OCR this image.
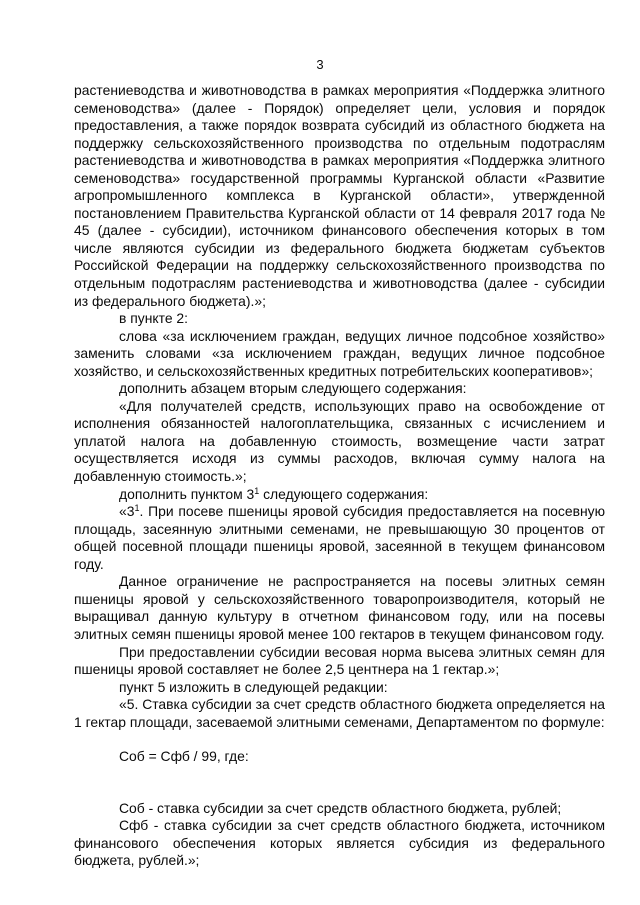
3

растениеводства и животноводства в рамках мероприятия «Поддержка элитного семеноводства» (далее - Порядок) определяет цели, условия и порядок предоставления, а также порядок возврата субсидий из областного бюджета на поддержку сельскохозяйственного производства по отдельным подотраслям растениеводства и животноводства в рамках мероприятия «Поддержка элитного семеноводства» государственной программы Курганской области «Развитие агропромышленного комплекса в Курганской области», утвержденной постановлением Правительства Курганской области от 14 февраля 2017 года № 45 (далее - субсидии), источником финансового обеспечения которых в том числе являются субсидии из федерального бюджета бюджетам субъектов Российской Федерации на поддержку сельскохозяйственного производства по отдельным подотраслям растениеводства и животноводства (далее - субсидии из федерального бюджета).»;

в пункте 2:

слова «за исключением граждан, ведущих личное подсобное хозяйство» заменить словами «за исключением граждан, ведущих личное подсобное хозяйство, и сельскохозяйственных кредитных потребительских кооперативов»;

дополнить абзацем вторым следующего содержания:

«Для получателей средств, использующих право на освобождение от исполнения обязанностей налогоплательщика, связанных с исчислением и уплатой налога на добавленную стоимость, возмещение части затрат осуществляется исходя из суммы расходов, включая сумму налога на добавленную стоимость.»;

дополнить пунктом $3^1$ следующего содержания:

«$3^1$. При посеве пшеницы яровой субсидия предоставляется на посевную площадь, засеянную элитными семенами, не превышающую 30 процентов от общей посевной площади пшеницы яровой, засеянной в текущем финансовом году.

Данное ограничение не распространяется на посевы элитных семян пшеницы яровой у сельскохозяйственного товаропроизводителя, который не выращивал данную культуру в отчетном финансовом году, или на посевы элитных семян пшеницы яровой менее 100 гектаров в текущем финансовом году.

При предоставлении субсидии весовая норма высева элитных семян для пшеницы яровой составляет не более 2,5 центнера на 1 гектар.»;

пункт 5 изложить в следующей редакции:

«5. Ставка субсидии за счет средств областного бюджета определяется на 1 гектар площади, засеваемой элитными семенами, Департаментом по формуле:

Соб = Сфб / 99, где:

Соб - ставка субсидии за счет средств областного бюджета, рублей;

Сфб - ставка субсидии за счет средств областного бюджета, источником финансового обеспечения которых является субсидия из федерального бюджета, рублей.»;
